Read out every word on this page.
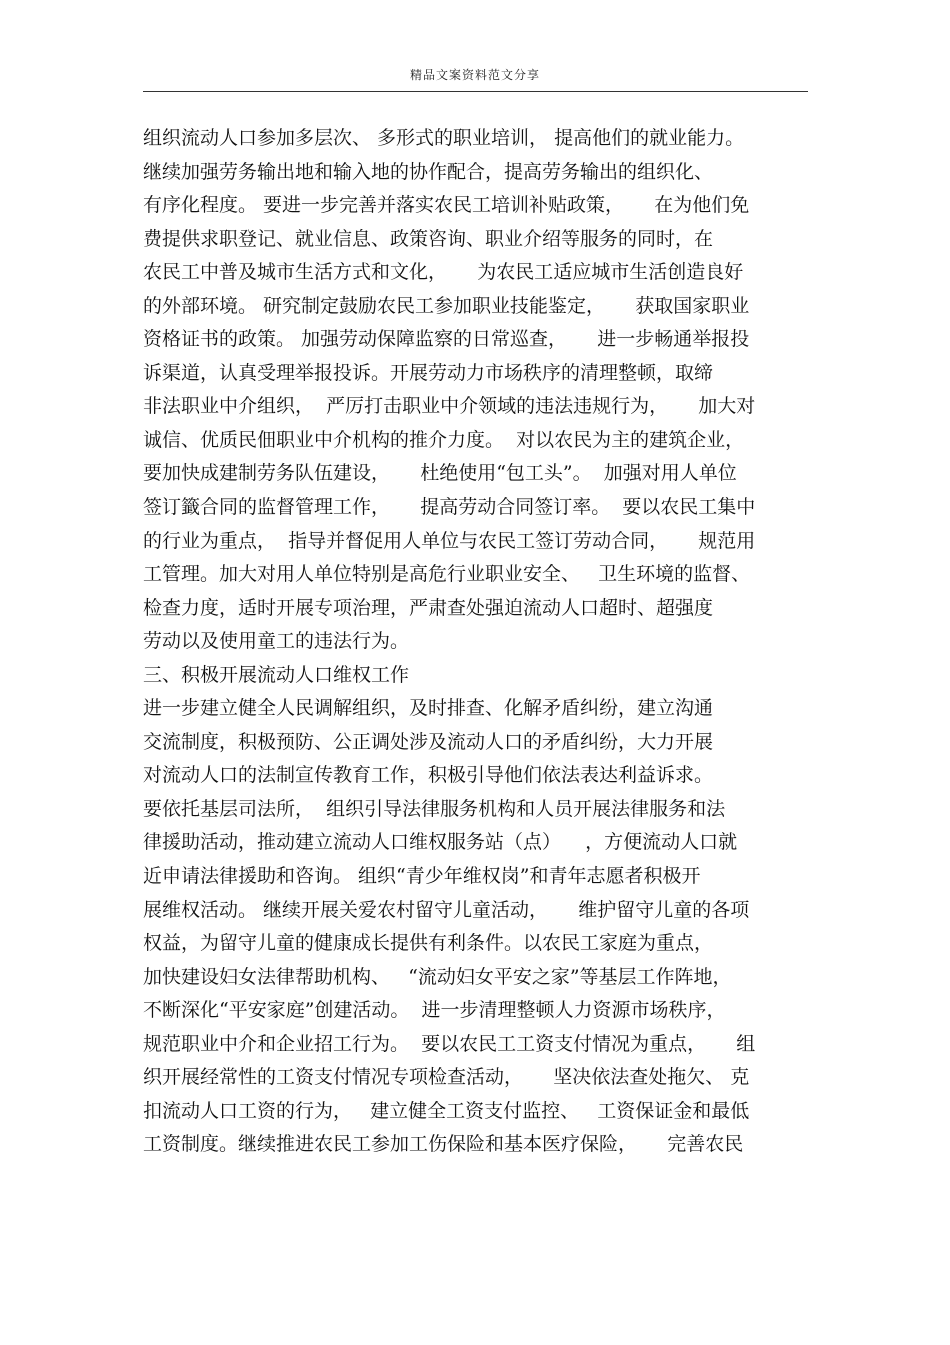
精品文案资料范文分享
组织流动人口参加多层次、 多形式的职业培训， 提高他们的就业能力。
继续加强劳务输出地和输入地的协作配合，提高劳务输出的组织化、
有序化程度。 要进一步完善并落实农民工培训补贴政策，     在为他们免
费提供求职登记、就业信息、政策咨询、职业介绍等服务的同时，在
农民工中普及城市生活方式和文化，     为农民工适应城市生活创造良好
的外部环境。 研究制定鼓励农民工参加职业技能鉴定，     获取国家职业
资格证书的政策。 加强劳动保障监察的日常巡查，     进一步畅通举报投
诉渠道，认真受理举报投诉。开展劳动力市场秩序的清理整顿，取缔
非法职业中介组织，  严厉打击职业中介领域的违法违规行为，     加大对
诚信、优质民佃职业中介机构的推介力度。  对以农民为主的建筑企业，
要加快成建制劳务队伍建设，     杜绝使用“包工头”。  加强对用人单位
签订籤合同的监督管理工作，     提高劳动合同签订率。  要以农民工集中
的行业为重点，  指导并督促用人单位与农民工签订劳动合同，     规范用
工管理。加大对用人单位特别是高危行业职业安全、   卫生环境的监督、
检查力度，适时开展专项治理，严肃查处强迫流动人口超时、超强度
劳动以及使用童工的违法行为。
三、积极开展流动人口维权工作
进一步建立健全人民调解组织，及时排查、化解矛盾纠纷，建立沟通
交流制度，积极预防、公正调处涉及流动人口的矛盾纠纷，大力开展
对流动人口的法制宣传教育工作，积极引导他们依法表达利益诉求。
要依托基层司法所，  组织引导法律服务机构和人员开展法律服务和法
律援助活动，推动建立流动人口维权服务站（点）    ，方便流动人口就
近申请法律援助和咨询。 组织“青少年维权岗”和青年志愿者积极开
展维权活动。 继续开展关爱农村留守儿童活动，     维护留守儿童的各项
权益，为留守儿童的健康成长提供有利条件。以农民工家庭为重点，
加快建设妇女法律帮助机构、   “流动妇女平安之家”等基层工作阵地，
不断深化“平安家庭”创建活动。  进一步清理整顿人力资源市场秩序，
规范职业中介和企业招工行为。  要以农民工工资支付情况为重点，     组
织开展经常性的工资支付情况专项检查活动，     坚决依法查处拖欠、 克
扣流动人口工资的行为，   建立健全工资支付监控、   工资保证金和最低
工资制度。继续推进农民工参加工伤保险和基本医疗保险，     完善农民
